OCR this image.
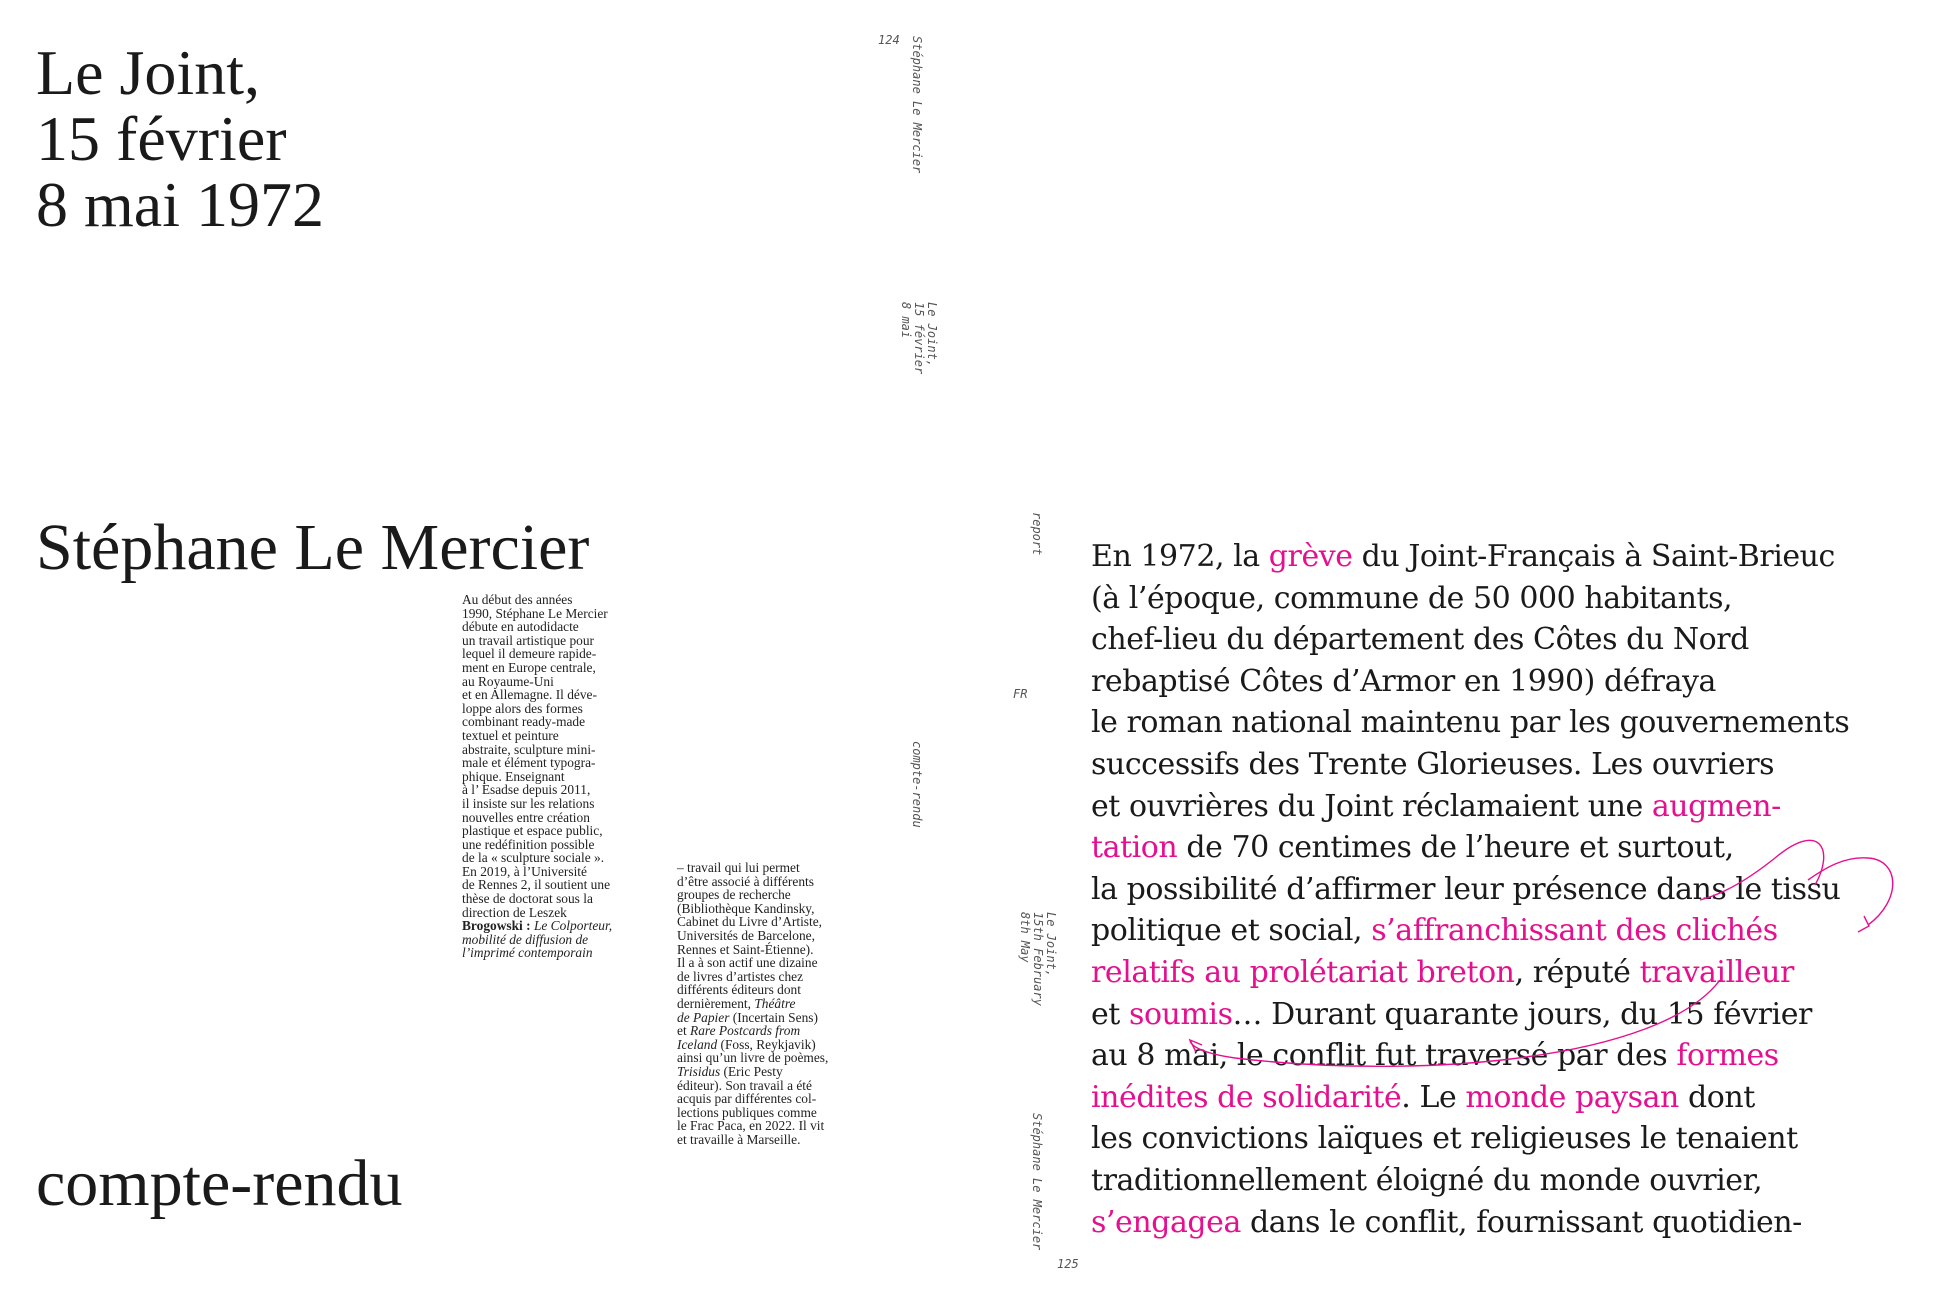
Le Joint,
15 février
8 mai 1972
Stéphane Le Mercier
compte-rendu
Au début des années
1990, Stéphane Le Mercier
débute en autodidacte
un travail artistique pour
lequel il demeure rapide-
ment en Europe centrale,
au Royaume-Uni
et en Allemagne. Il déve-
loppe alors des formes
combinant ready-made
textuel et peinture
abstraite, sculpture mini-
male et élément typogra-
phique. Enseignant
à l’ Esadse depuis 2011,
il insiste sur les relations
nouvelles entre création
plastique et espace public,
une redéfinition possible
de la « sculpture sociale ».
En 2019, à l’Université
de Rennes 2, il soutient une
thèse de doctorat sous la
direction de Leszek
Brogowski : Le Colporteur,
mobilité de diffusion de
l’imprimé contemporain
– travail qui lui permet
d’être associé à différents
groupes de recherche
(Bibliothèque Kandinsky,
Cabinet du Livre d’Artiste,
Universités de Barcelone,
Rennes et Saint-Étienne).
Il a à son actif une dizaine
de livres d’artistes chez
différents éditeurs dont
dernièrement, Théâtre
de Papier (Incertain Sens)
et Rare Postcards from
Iceland (Foss, Reykjavik)
ainsi qu’un livre de poèmes,
Trisidus (Eric Pesty
éditeur). Son travail a été
acquis par différentes col-
lections publiques comme
le Frac Paca, en 2022. Il vit
et travaille à Marseille.
124 Stéphane Le Mercier
Le Joint,
15 février
8 mai
compte-rendu
report
FR
Le Joint,
15th February
8th May
Stéphane Le Mercier
125
En 1972, la grève du Joint-Français à Saint-Brieuc
(à l’époque, commune de 50 000 habitants,
chef-lieu du département des Côtes du Nord
rebaptisé Côtes d’Armor en 1990) défraya
le roman national maintenu par les gouvernements
successifs des Trente Glorieuses. Les ouvriers
et ouvrières du Joint réclamaient une augmen-
tation de 70 centimes de l’heure et surtout,
la possibilité d’affirmer leur présence dans le tissu
politique et social, s’affranchissant des clichés
relatifs au prolétariat breton, réputé travailleur
et soumis… Durant quarante jours, du 15 février
au 8 mai, le conflit fut traversé par des formes
inédites de solidarité. Le monde paysan dont
les convictions laïques et religieuses le tenaient
traditionnellement éloigné du monde ouvrier,
s’engagea dans le conflit, fournissant quotidien-
